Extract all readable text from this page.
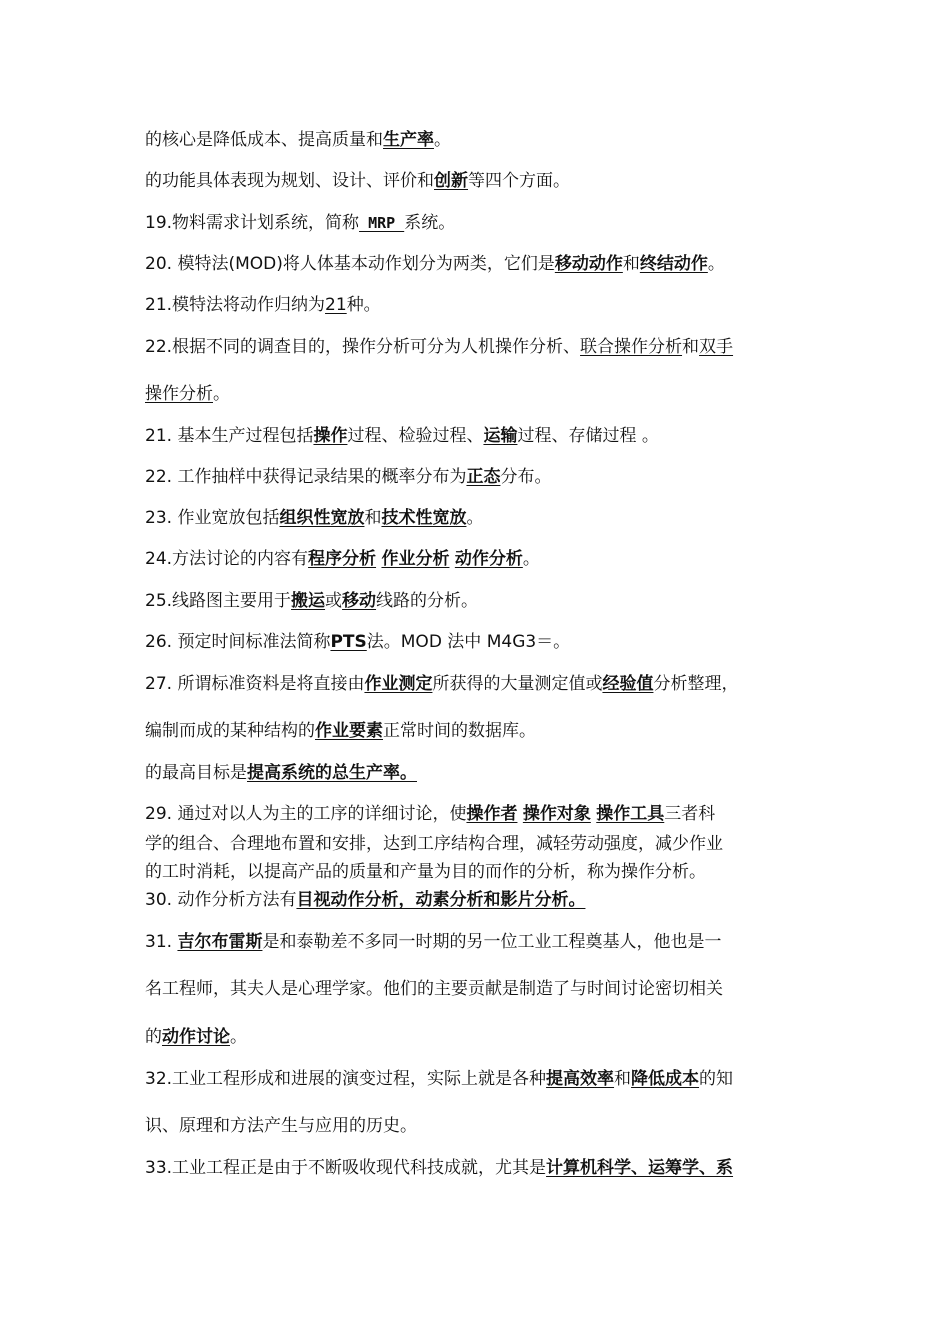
的核心是降低成本、提高质量和生产率。
的功能具体表现为规划、设计、评价和创新等四个方面。
19.物料需求计划系统，简称 MRP 系统。
20. 模特法(MOD)将人体基本动作划分为两类，它们是移动动作和终结动作。
21.模特法将动作归纳为21种。
22.根据不同的调查目的，操作分析可分为人机操作分析、联合操作分析和双手
操作分析。
21. 基本生产过程包括操作过程、检验过程、运输过程、存储过程 。
22. 工作抽样中获得记录结果的概率分布为正态分布。
23. 作业宽放包括组织性宽放和技术性宽放。
24.方法讨论的内容有程序分析 作业分析 动作分析。
25.线路图主要用于搬运或移动线路的分析。
26. 预定时间标准法简称PTS法。MOD 法中 M4G3＝。
27. 所谓标准资料是将直接由作业测定所获得的大量测定值或经验值分析整理，
编制而成的某种结构的作业要素正常时间的数据库。
的最高目标是提高系统的总生产率。
29. 通过对以人为主的工序的详细讨论，使操作者 操作对象 操作工具三者科
学的组合、合理地布置和安排，达到工序结构合理，减轻劳动强度，减少作业
的工时消耗，以提高产品的质量和产量为目的而作的分析，称为操作分析。
30. 动作分析方法有目视动作分析，动素分析和影片分析。
31. 吉尔布雷斯是和泰勒差不多同一时期的另一位工业工程奠基人，他也是一
名工程师，其夫人是心理学家。他们的主要贡献是制造了与时间讨论密切相关
的动作讨论。
32.工业工程形成和进展的演变过程，实际上就是各种提高效率和降低成本的知
识、原理和方法产生与应用的历史。
33.工业工程正是由于不断吸收现代科技成就，尤其是计算机科学、运筹学、系
